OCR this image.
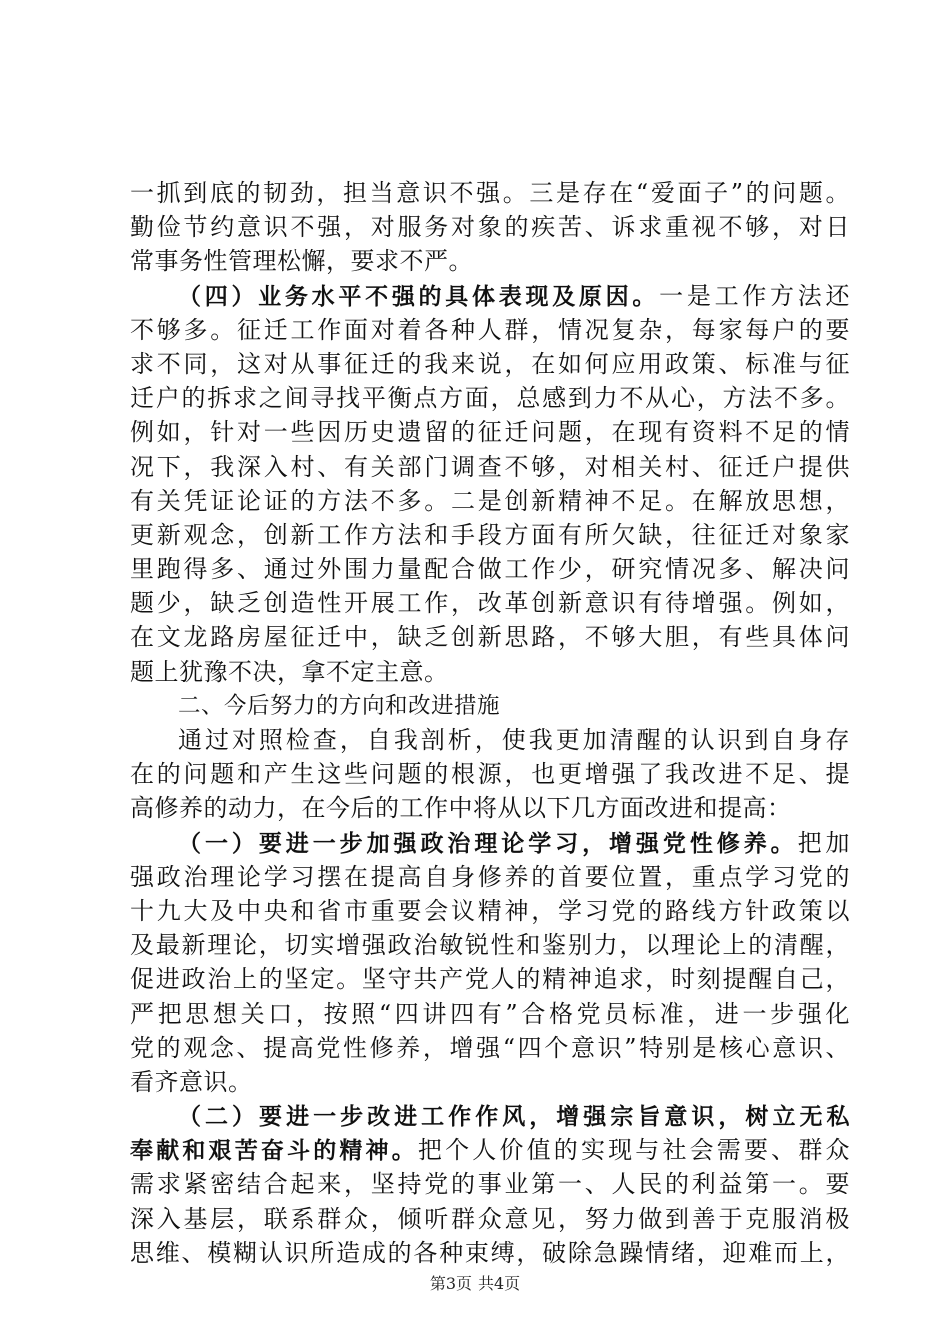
一抓到底的韧劲，担当意识不强。三是存在“爱面子”的问题。
勤俭节约意识不强，对服务对象的疾苦、诉求重视不够，对日
常事务性管理松懈，要求不严。
（四）业务水平不强的具体表现及原因。一是工作方法还
不够多。征迁工作面对着各种人群，情况复杂，每家每户的要
求不同，这对从事征迁的我来说，在如何应用政策、标准与征
迁户的拆求之间寻找平衡点方面，总感到力不从心，方法不多。
例如，针对一些因历史遗留的征迁问题，在现有资料不足的情
况下，我深入村、有关部门调查不够，对相关村、征迁户提供
有关凭证论证的方法不多。二是创新精神不足。在解放思想，
更新观念，创新工作方法和手段方面有所欠缺，往征迁对象家
里跑得多、通过外围力量配合做工作少，研究情况多、解决问
题少，缺乏创造性开展工作，改革创新意识有待增强。例如，
在文龙路房屋征迁中，缺乏创新思路，不够大胆，有些具体问
题上犹豫不决，拿不定主意。
二、今后努力的方向和改进措施
通过对照检查，自我剖析，使我更加清醒的认识到自身存
在的问题和产生这些问题的根源，也更增强了我改进不足、提
高修养的动力，在今后的工作中将从以下几方面改进和提高：
（一）要进一步加强政治理论学习，增强党性修养。把加
强政治理论学习摆在提高自身修养的首要位置，重点学习党的
十九大及中央和省市重要会议精神，学习党的路线方针政策以
及最新理论，切实增强政治敏锐性和鉴别力，以理论上的清醒，
促进政治上的坚定。坚守共产党人的精神追求，时刻提醒自己，
严把思想关口，按照“四讲四有”合格党员标准，进一步强化
党的观念、提高党性修养，增强“四个意识”特别是核心意识、
看齐意识。
（二）要进一步改进工作作风，增强宗旨意识，树立无私
奉献和艰苦奋斗的精神。把个人价值的实现与社会需要、群众
需求紧密结合起来，坚持党的事业第一、人民的利益第一。要
深入基层，联系群众，倾听群众意见，努力做到善于克服消极
思维、模糊认识所造成的各种束缚，破除急躁情绪，迎难而上，
第3页 共4页
